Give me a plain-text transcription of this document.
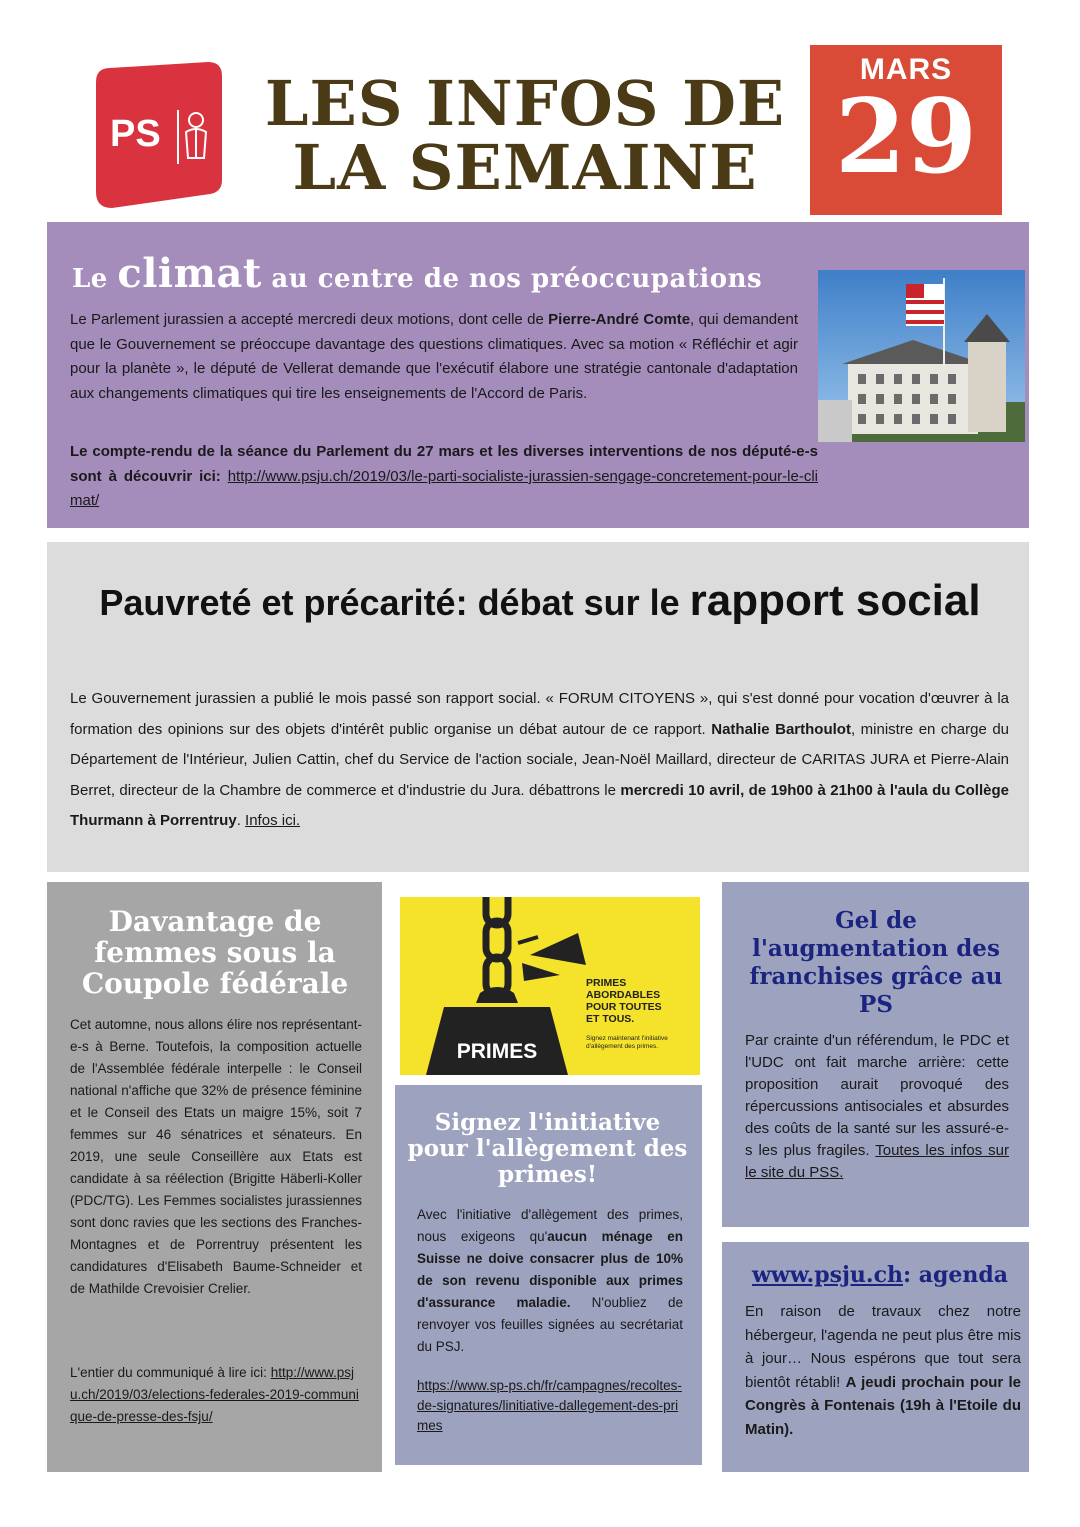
PS	LES INFOS DE
LA SEMAINE
MARS
29
Le climat au centre de nos préoccupations
Le Parlement jurassien a accepté mercredi deux motions, dont celle de Pierre-André Comte, qui demandent que le Gouvernement se préoccupe davantage des questions climatiques. Avec sa motion « Réfléchir et agir pour la planète », le député de Vellerat demande que l'exécutif élabore une stratégie cantonale d'adaptation aux changements climatiques qui tire les enseignements de l'Accord de Paris.
Le compte-rendu de la séance du Parlement du 27 mars et les diverses interventions de nos député-e-s sont à découvrir ici: http://www.psju.ch/2019/03/le-parti-socialiste-jurassien-sengage-concretement-pour-le-climat/
Pauvreté et précarité: débat sur le rapport social
Le Gouvernement jurassien a publié le mois passé son rapport social. « FORUM CITOYENS », qui s'est donné pour vocation d'œuvrer à la formation des opinions sur des objets d'intérêt public organise un débat autour de ce rapport. Nathalie Barthoulot, ministre en charge du Département de l'Intérieur, Julien Cattin, chef du Service de l'action sociale, Jean-Noël Maillard, directeur de CARITAS JURA et Pierre-Alain Berret, directeur de la Chambre de commerce et d'industrie du Jura. débattrons le mercredi 10 avril, de 19h00 à 21h00 à l'aula du Collège Thurmann à Porrentruy. Infos ici.
Davantage de femmes sous la Coupole fédérale
Cet automne, nous allons élire nos représentant-e-s à Berne. Toutefois, la composition actuelle de l'Assemblée fédérale interpelle : le Conseil national n'affiche que 32% de présence féminine et le Conseil des Etats un maigre 15%, soit 7 femmes sur 46 sénatrices et sénateurs. En 2019, une seule Conseillère aux Etats est candidate à sa réélection (Brigitte Häberli-Koller (PDC/TG). Les Femmes socialistes jurassiennes sont donc ravies que les sections des Franches-Montagnes et de Porrentruy présentent les candidatures d'Elisabeth Baume-Schneider et de Mathilde Crevoisier Crelier.
L'entier du communiqué à lire ici: http://www.psju.ch/2019/03/elections-federales-2019-communique-de-presse-des-fsju/
PRIMES
PRIMES ABORDABLES POUR TOUTES ET TOUS.
Signez maintenant l'initiative d'allègement des primes.
Signez l'initiative pour l'allègement des primes!
Avec l'initiative d'allègement des primes, nous exigeons qu'aucun ménage en Suisse ne doive consacrer plus de 10% de son revenu disponible aux primes d'assurance maladie. N'oubliez de renvoyer vos feuilles signées au secrétariat du PSJ.
https://www.sp-ps.ch/fr/campagnes/recoltes-de-signatures/linitiative-dallegement-des-primes
Gel de l'augmentation des franchises grâce au PS
Par crainte d'un référendum, le PDC et l'UDC ont fait marche arrière: cette proposition aurait provoqué des répercussions antisociales et absurdes des coûts de la santé sur les assuré-e-s les plus fragiles. Toutes les infos sur le site du PSS.
www.psju.ch: agenda
En raison de travaux chez notre hébergeur, l'agenda ne peut plus être mis à jour… Nous espérons que tout sera bientôt rétabli! A jeudi prochain pour le Congrès à Fontenais (19h à l'Etoile du Matin).
